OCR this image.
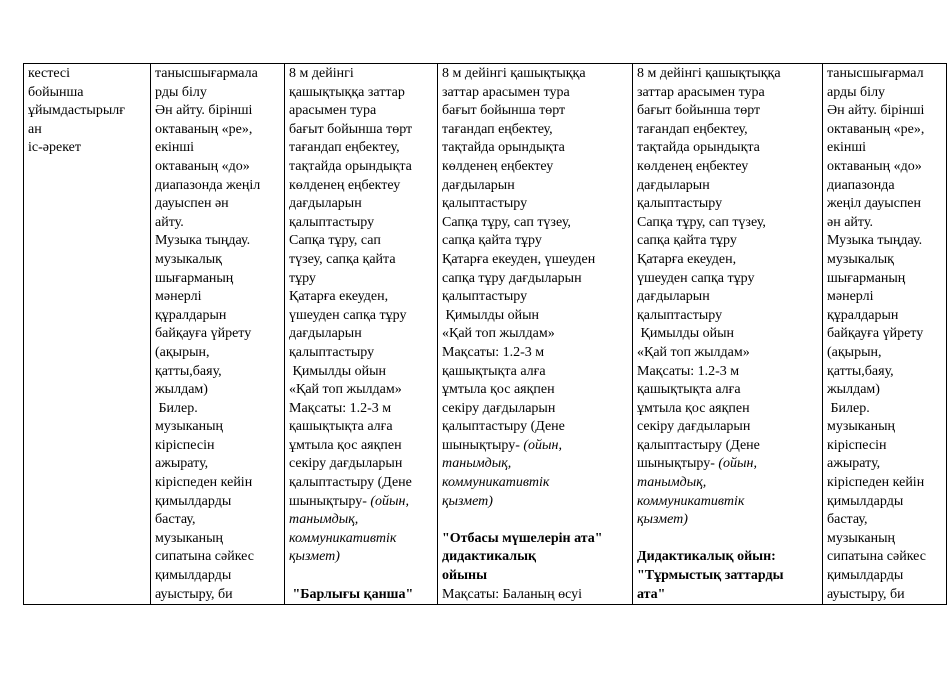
кестесі
бойынша
ұйымдастырылғ
ан
іс-әрекет

танысшығармала
рды білу
Ән айту. бірінші
октаваның «ре»,
екінші
октаваның «до»
диапазонда жеңіл
дауыспен ән
айту.
Музыка тыңдау.
музыкалық
шығарманың
мәнерлі
құралдарын
байқауға үйрету
(ақырын,
қатты,баяу,
жылдам)
Билер.
музыканың
кіріспесін
ажырату,
кіріспеден кейін
қимылдарды
бастау,
музыканың
сипатына сәйкес
қимылдарды
ауыстыру, би

8 м дейінгі
қашықтыққа заттар
арасымен тура
бағыт бойынша төрт
тағандап еңбектеу,
тақтайда орындықта
көлденең еңбектеу
дағдыларын
қалыптастыру
Сапқа тұру, сап
түзеу, сапқа қайта
тұру
Қатарға екеуден,
үшеуден сапқа тұру
дағдыларын
қалыптастыру
Қимылды ойын
«Қай топ жылдам»
Мақсаты: 1.2-3 м
қашықтықта алға
ұмтыла қос аяқпен
секіру дағдыларын
қалыптастыру (Дене
шынықтыру- (ойын,
танымдық,
коммуникативтік
қызмет)
"Барлығы қанша"

8 м дейінгі қашықтыққа
заттар арасымен тура
бағыт бойынша төрт
тағандап еңбектеу,
тақтайда орындықта
көлденең еңбектеу
дағдыларын
қалыптастыру
Сапқа тұру, сап түзеу,
сапқа қайта тұру
Қатарға екеуден, үшеуден
сапқа тұру дағдыларын
қалыптастыру
Қимылды ойын
«Қай топ жылдам»
Мақсаты: 1.2-3 м
қашықтықта алға
ұмтыла қос аяқпен
секіру дағдыларын
қалыптастыру (Дене
шынықтыру- (ойын,
танымдық,
коммуникативтік
қызмет)
"Отбасы мүшелерін ата"
дидактикалық
ойыны
Мақсаты: Баланың өсуі

8 м дейінгі қашықтыққа
заттар арасымен тура
бағыт бойынша төрт
тағандап еңбектеу,
тақтайда орындықта
көлденең еңбектеу
дағдыларын
қалыптастыру
Сапқа тұру, сап түзеу,
сапқа қайта тұру
Қатарға екеуден,
үшеуден сапқа тұру
дағдыларын
қалыптастыру
Қимылды ойын
«Қай топ жылдам»
Мақсаты: 1.2-3 м
қашықтықта алға
ұмтыла қос аяқпен
секіру дағдыларын
қалыптастыру (Дене
шынықтыру- (ойын,
танымдық,
коммуникативтік
қызмет)
Дидактикалық ойын:
"Тұрмыстық заттарды
ата"

танысшығармал
арды білу
Ән айту. бірінші
октаваның «ре»,
екінші
октаваның «до»
диапазонда
жеңіл дауыспен
ән айту.
Музыка тыңдау.
музыкалық
шығарманың
мәнерлі
құралдарын
байқауға үйрету
(ақырын,
қатты,баяу,
жылдам)
Билер.
музыканың
кіріспесін
ажырату,
кіріспеден кейін
қимылдарды
бастау,
музыканың
сипатына сәйкес
қимылдарды
ауыстыру, би
